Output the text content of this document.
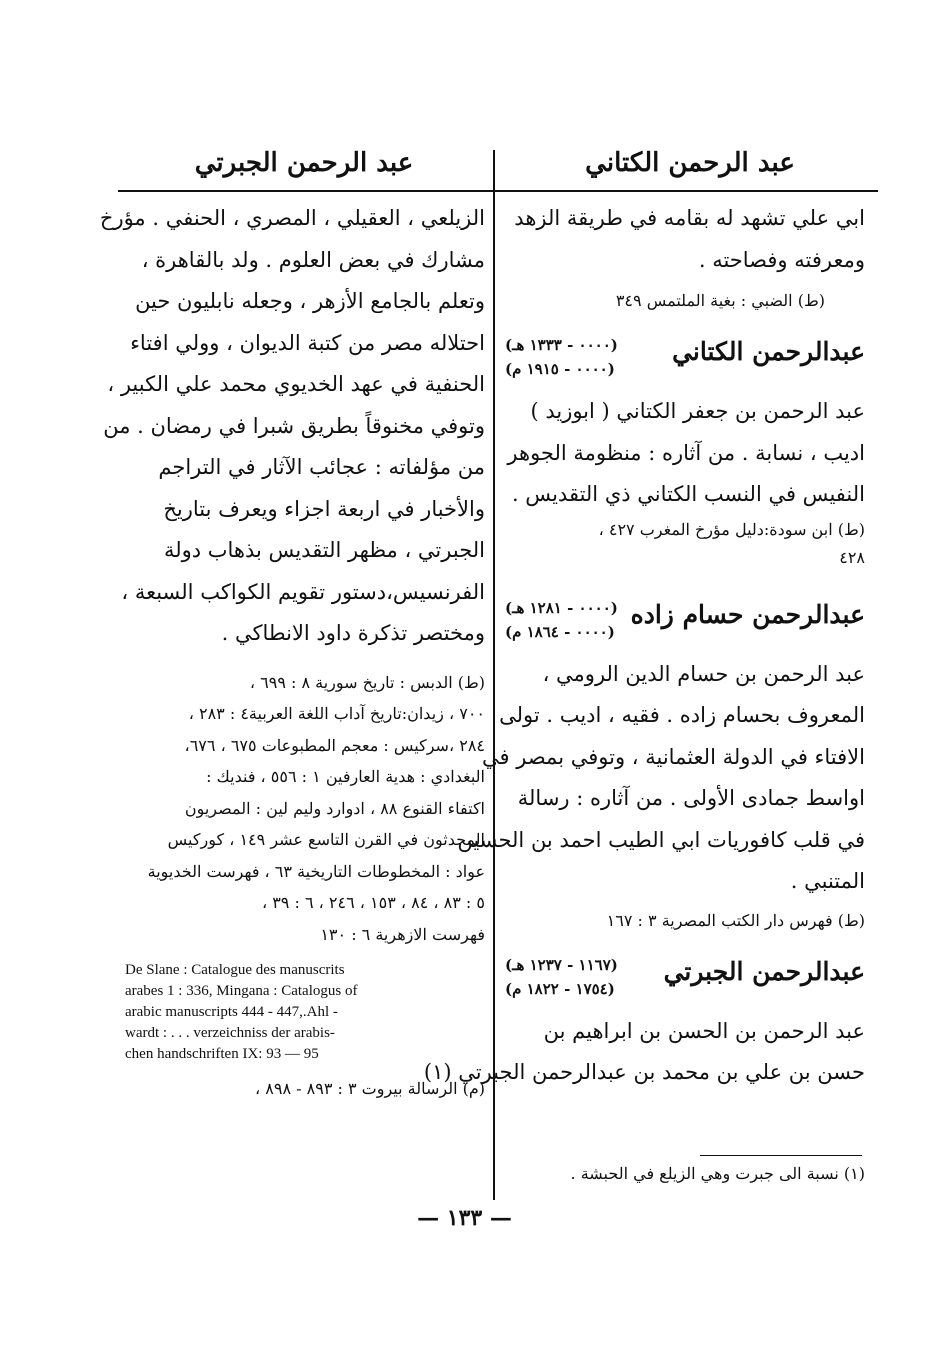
عبد الرحمن الكتاني
عبد الرحمن الجبرتي

ابي علي تشهد له بقامه في طريقة الزهد
ومعرفته وفصاحته .

(ط) الضبي : بغية الملتمس ٣٤٩

عبدالرحمن الكتاني
(٠٠٠٠ - ١٣٣٣ هـ)
(٠٠٠٠ - ١٩١٥ م)

عبد الرحمن بن جعفر الكتاني ( ابوزيد )
اديب ، نسابة . من آثاره : منظومة الجوهر
النفيس في النسب الكتاني ذي التقديس .

(ط) ابن سودة:دليل مؤرخ المغرب ٤٢٧ ،
٤٢٨

عبدالرحمن حسام زاده
(٠٠٠٠ - ١٢٨١ هـ)
(٠٠٠٠ - ١٨٦٤ م)

عبد الرحمن بن حسام الدين الرومي ،
المعروف بحسام زاده . فقيه ، اديب . تولى
الافتاء في الدولة العثمانية ، وتوفي بمصر في
اواسط جمادى الأولى . من آثاره : رسالة
في قلب كافوريات ابي الطيب احمد بن الحسين
المتنبي .

(ط) فهرس دار الكتب المصرية ٣ : ١٦٧

عبدالرحمن الجبرتي
(١١٦٧ - ١٢٣٧ هـ)
(١٧٥٤ - ١٨٢٢ م)

عبد الرحمن بن الحسن بن ابراهيم بن
حسن بن علي بن محمد بن عبدالرحمن الجبرتي (١)

(١) نسبة الى جبرت وهي الزيلع في الحبشة .

الزيلعي ، العقيلي ، المصري ، الحنفي . مؤرخ
مشارك في بعض العلوم . ولد بالقاهرة ،
وتعلم بالجامع الأزهر ، وجعله نابليون حين
احتلاله مصر من كتبة الديوان ، وولي افتاء
الحنفية في عهد الخديوي محمد علي الكبير ،
وتوفي مخنوقاً بطريق شبرا في رمضان . من
من مؤلفاته : عجائب الآثار في التراجم
والأخبار في اربعة اجزاء ويعرف بتاريخ
الجبرتي ، مظهر التقديس بذهاب دولة
الفرنسيس،دستور تقويم الكواكب السبعة ،
ومختصر تذكرة داود الانطاكي .

(ط) الدبس : تاريخ سورية ٨ : ٦٩٩ ،
٧٠٠ ، زيدان:تاريخ آداب اللغة العربية٤ : ٢٨٣ ،
٢٨٤ ،سركيس : معجم المطبوعات ٦٧٥ ، ٦٧٦،
البغدادي : هدية العارفين ١ : ٥٥٦ ، فنديك :
اكتفاء القنوع ٨٨ ، ادوارد وليم لين : المصريون
المحدثون في القرن التاسع عشر ١٤٩ ، كوركيس
عواد : المخطوطات التاريخية ٦٣ ، فهرست الخديوية
٥ : ٨٣ ، ٨٤ ، ١٥٣ ، ٢٤٦ ، ٦ : ٣٩ ،
فهرست الازهرية ٦ : ١٣٠

De Slane : Catalogue des manuscrits
arabes 1 : 336, Mingana : Catalogus of
arabic manuscripts 444 - 447,.Ahl -
wardt : . . . verzeichniss der arabis-
chen handschriften IX: 93 — 95

(م) الرسالة بيروت ٣ : ٨٩٣ - ٨٩٨ ،

— ١٣٣ —
